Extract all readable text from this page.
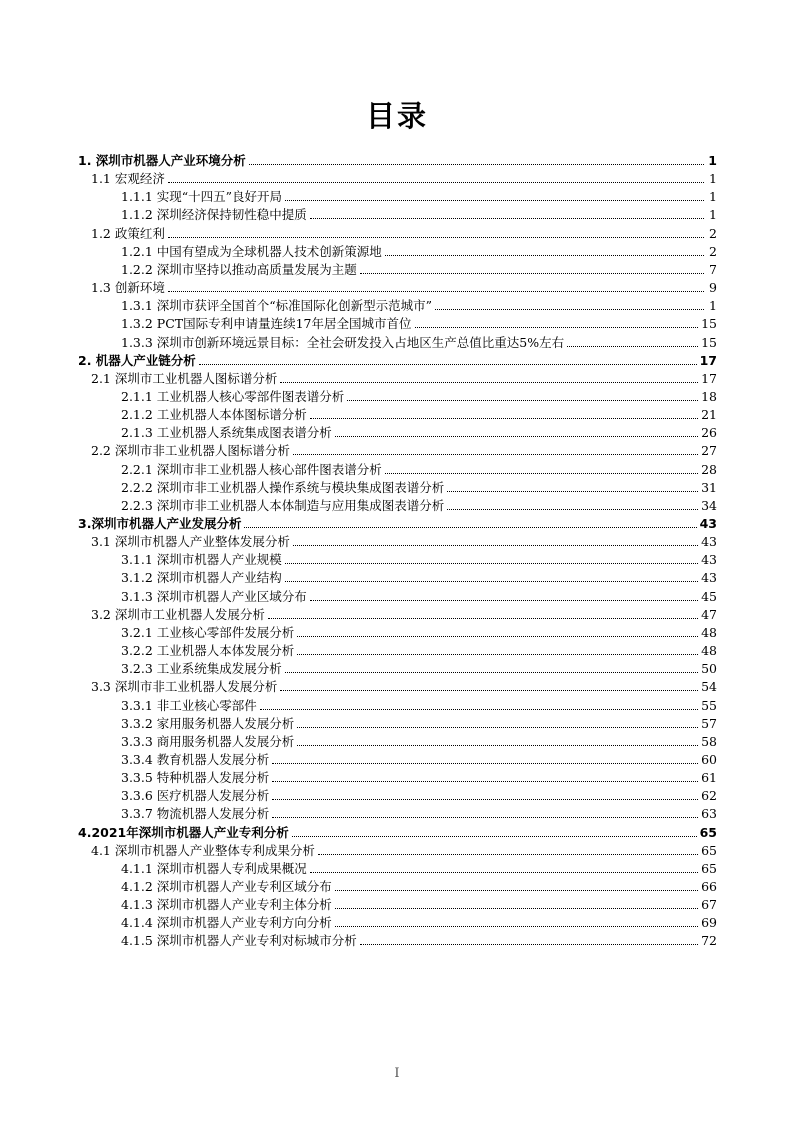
目录
1. 深圳市机器人产业环境分析	1
1.1 宏观经济	1
1.1.1 实现“十四五”良好开局	1
1.1.2 深圳经济保持韧性稳中提质	1
1.2 政策红利	2
1.2.1 中国有望成为全球机器人技术创新策源地	2
1.2.2 深圳市坚持以推动高质量发展为主题	7
1.3 创新环境	9
1.3.1 深圳市获评全国首个“标准国际化创新型示范城市”	1
1.3.2 PCT国际专利申请量连续17年居全国城市首位	15
1.3.3 深圳市创新环境远景目标：全社会研发投入占地区生产总值比重达5%左右	15
2. 机器人产业链分析	17
2.1 深圳市工业机器人图标谱分析	17
2.1.1 工业机器人核心零部件图表谱分析	18
2.1.2 工业机器人本体图标谱分析	21
2.1.3 工业机器人系统集成图表谱分析	26
2.2 深圳市非工业机器人图标谱分析	27
2.2.1 深圳市非工业机器人核心部件图表谱分析	28
2.2.2 深圳市非工业机器人操作系统与模块集成图表谱分析	31
2.2.3 深圳市非工业机器人本体制造与应用集成图表谱分析	34
3.深圳市机器人产业发展分析	43
3.1 深圳市机器人产业整体发展分析	43
3.1.1 深圳市机器人产业规模	43
3.1.2 深圳市机器人产业结构	43
3.1.3 深圳市机器人产业区域分布	45
3.2 深圳市工业机器人发展分析	47
3.2.1 工业核心零部件发展分析	48
3.2.2 工业机器人本体发展分析	48
3.2.3 工业系统集成发展分析	50
3.3 深圳市非工业机器人发展分析	54
3.3.1 非工业核心零部件	55
3.3.2 家用服务机器人发展分析	57
3.3.3 商用服务机器人发展分析	58
3.3.4 教育机器人发展分析	60
3.3.5 特种机器人发展分析	61
3.3.6 医疗机器人发展分析	62
3.3.7 物流机器人发展分析	63
4.2021年深圳市机器人产业专利分析	65
4.1 深圳市机器人产业整体专利成果分析	65
4.1.1 深圳市机器人专利成果概况	65
4.1.2 深圳市机器人产业专利区域分布	66
4.1.3 深圳市机器人产业专利主体分析	67
4.1.4 深圳市机器人产业专利方向分析	69
4.1.5 深圳市机器人产业专利对标城市分析	72
I
